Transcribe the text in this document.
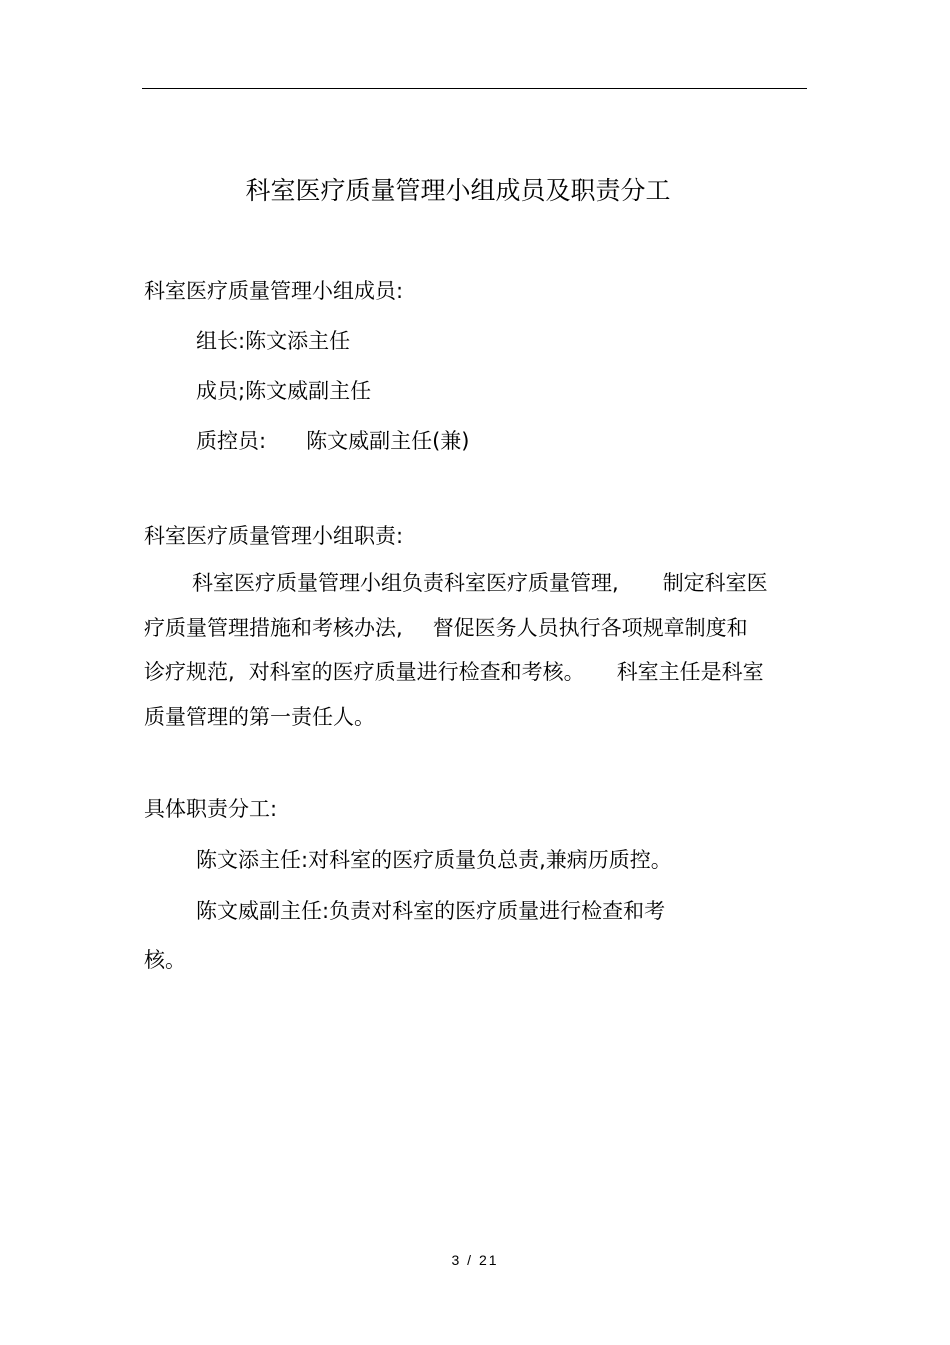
科室医疗质量管理小组成员及职责分工
科室医疗质量管理小组成员:
组长:陈文添主任
成员;陈文威副主任
质控员: 陈文威副主任(兼)
科室医疗质量管理小组职责:
科室医疗质量管理小组负责科室医疗质量管理, 制定科室医
疗质量管理措施和考核办法, 督促医务人员执行各项规章制度和
诊疗规范, 对科室的医疗质量进行检查和考核。 科室主任是科室
质量管理的第一责任人。
具体职责分工:
陈文添主任:对科室的医疗质量负总责,兼病历质控。
陈文威副主任:负责对科室的医疗质量进行检查和考
核。
3 / 21
